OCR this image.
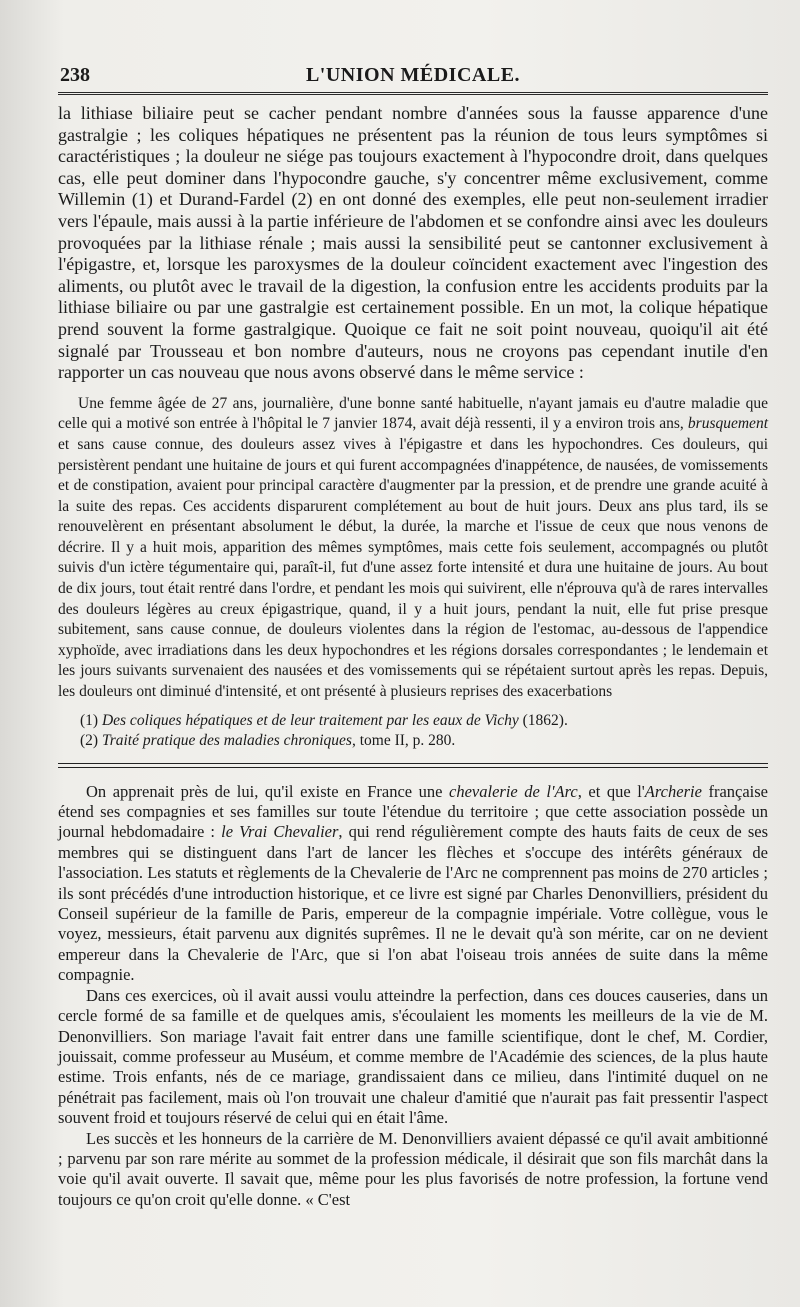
238	L'UNION MÉDICALE.

la lithiase biliaire peut se cacher pendant nombre d'années sous la fausse apparence d'une gastralgie ; les coliques hépatiques ne présentent pas la réunion de tous leurs symptômes si caractéristiques ; la douleur ne siége pas toujours exactement à l'hypocondre droit, dans quelques cas, elle peut dominer dans l'hypocondre gauche, s'y concentrer même exclusivement, comme Willemin (1) et Durand-Fardel (2) en ont donné des exemples, elle peut non-seulement irradier vers l'épaule, mais aussi à la partie inférieure de l'abdomen et se confondre ainsi avec les douleurs provoquées par la lithiase rénale ; mais aussi la sensibilité peut se cantonner exclusivement à l'épigastre, et, lorsque les paroxysmes de la douleur coïncident exactement avec l'ingestion des aliments, ou plutôt avec le travail de la digestion, la confusion entre les accidents produits par la lithiase biliaire ou par une gastralgie est certainement possible. En un mot, la colique hépatique prend souvent la forme gastralgique. Quoique ce fait ne soit point nouveau, quoiqu'il ait été signalé par Trousseau et bon nombre d'auteurs, nous ne croyons pas cependant inutile d'en rapporter un cas nouveau que nous avons observé dans le même service :

Une femme âgée de 27 ans, journalière, d'une bonne santé habituelle, n'ayant jamais eu d'autre maladie que celle qui a motivé son entrée à l'hôpital le 7 janvier 1874, avait déjà ressenti, il y a environ trois ans, brusquement et sans cause connue, des douleurs assez vives à l'épigastre et dans les hypochondres. Ces douleurs, qui persistèrent pendant une huitaine de jours et qui furent accompagnées d'inappétence, de nausées, de vomissements et de constipation, avaient pour principal caractère d'augmenter par la pression, et de prendre une grande acuité à la suite des repas. Ces accidents disparurent complétement au bout de huit jours. Deux ans plus tard, ils se renouvelèrent en présentant absolument le début, la durée, la marche et l'issue de ceux que nous venons de décrire. Il y a huit mois, apparition des mêmes symptômes, mais cette fois seulement, accompagnés ou plutôt suivis d'un ictère tégumentaire qui, paraît-il, fut d'une assez forte intensité et dura une huitaine de jours. Au bout de dix jours, tout était rentré dans l'ordre, et pendant les mois qui suivirent, elle n'éprouva qu'à de rares intervalles des douleurs légères au creux épigastrique, quand, il y a huit jours, pendant la nuit, elle fut prise presque subitement, sans cause connue, de douleurs violentes dans la région de l'estomac, au-dessous de l'appendice xyphoïde, avec irradiations dans les deux hypochondres et les régions dorsales correspondantes ; le lendemain et les jours suivants survenaient des nausées et des vomissements qui se répétaient surtout après les repas. Depuis, les douleurs ont diminué d'intensité, et ont présenté à plusieurs reprises des exacerbations

(1) Des coliques hépatiques et de leur traitement par les eaux de Vichy (1862).
(2) Traité pratique des maladies chroniques, tome II, p. 280.

On apprenait près de lui, qu'il existe en France une chevalerie de l'Arc, et que l'Archerie française étend ses compagnies et ses familles sur toute l'étendue du territoire ; que cette association possède un journal hebdomadaire : le Vrai Chevalier, qui rend régulièrement compte des hauts faits de ceux de ses membres qui se distinguent dans l'art de lancer les flèches et s'occupe des intérêts généraux de l'association. Les statuts et règlements de la Chevalerie de l'Arc ne comprennent pas moins de 270 articles ; ils sont précédés d'une introduction historique, et ce livre est signé par Charles Denonvilliers, président du Conseil supérieur de la famille de Paris, empereur de la compagnie impériale. Votre collègue, vous le voyez, messieurs, était parvenu aux dignités suprêmes. Il ne le devait qu'à son mérite, car on ne devient empereur dans la Chevalerie de l'Arc, que si l'on abat l'oiseau trois années de suite dans la même compagnie.

Dans ces exercices, où il avait aussi voulu atteindre la perfection, dans ces douces causeries, dans un cercle formé de sa famille et de quelques amis, s'écoulaient les moments les meilleurs de la vie de M. Denonvilliers. Son mariage l'avait fait entrer dans une famille scientifique, dont le chef, M. Cordier, jouissait, comme professeur au Muséum, et comme membre de l'Académie des sciences, de la plus haute estime. Trois enfants, nés de ce mariage, grandissaient dans ce milieu, dans l'intimité duquel on ne pénétrait pas facilement, mais où l'on trouvait une chaleur d'amitié que n'aurait pas fait pressentir l'aspect souvent froid et toujours réservé de celui qui en était l'âme.

Les succès et les honneurs de la carrière de M. Denonvilliers avaient dépassé ce qu'il avait ambitionné ; parvenu par son rare mérite au sommet de la profession médicale, il désirait que son fils marchât dans la voie qu'il avait ouverte. Il savait que, même pour les plus favorisés de notre profession, la fortune vend toujours ce qu'on croit qu'elle donne. « C'est
